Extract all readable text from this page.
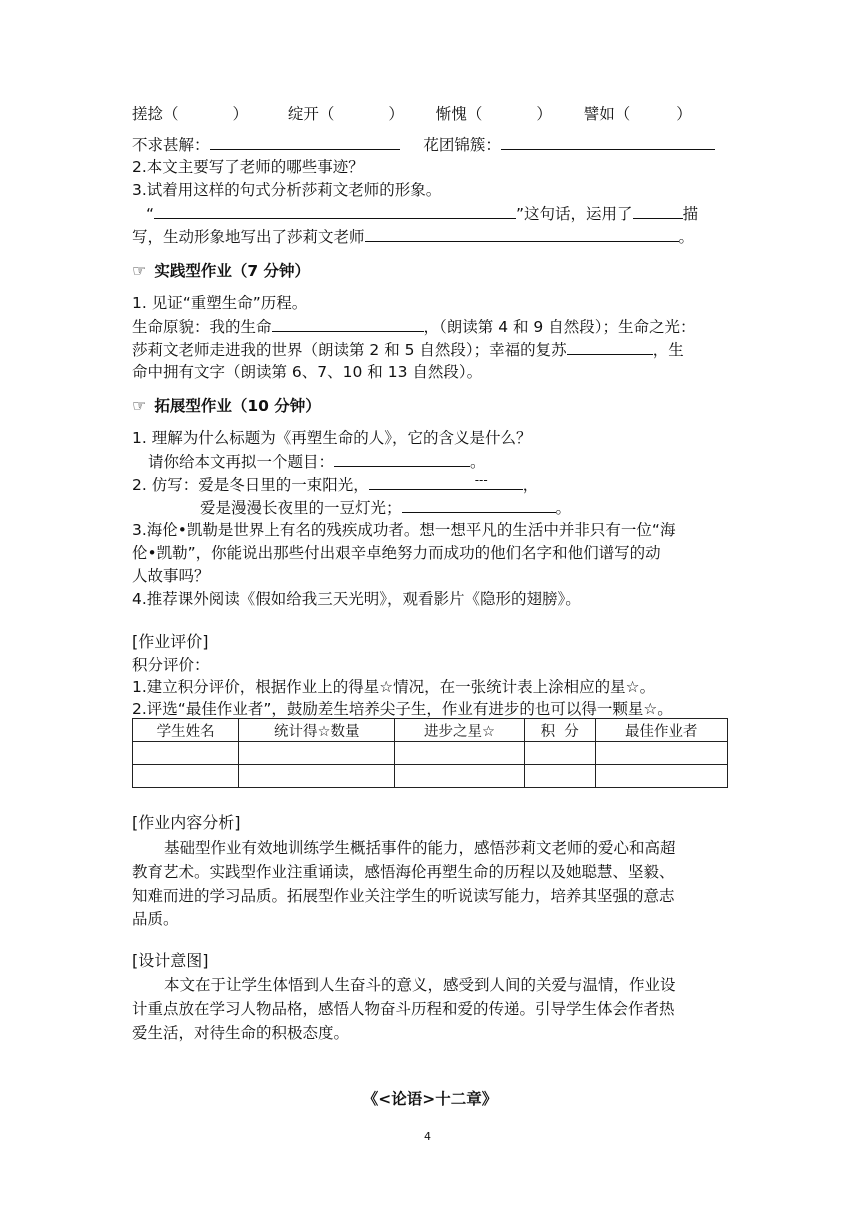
搓捻（	）	绽开（	） 惭愧（	） 譬如（	）
不求甚解：	花团锦簇：
2.本文主要写了老师的哪些事迹？
3.试着用这样的句式分析莎莉文老师的形象。
“	”这句话，运用了	描
写，生动形象地写出了莎莉文老师	。
☞ 实践型作业（7 分钟）
1. 见证“重塑生命”历程。
生命原貌：我的生命	，（朗读第 4 和 9 自然段）；生命之光：
莎莉文老师走进我的世界（朗读第 2 和 5 自然段）；幸福的复苏	，生
命中拥有文字（朗读第 6、7、10 和 13 自然段）。
☞ 拓展型作业（10 分钟）
1. 理解为什么标题为《再塑生命的人》，它的含义是什么？
请你给本文再拟一个题目：	。
2. 仿写：爱是冬日里的一束阳光，	--- ，
爱是漫漫长夜里的一豆灯光；	。
3.海伦•凯勒是世界上有名的残疾成功者。想一想平凡的生活中并非只有一位“海
伦•凯勒”，你能说出那些付出艰辛卓绝努力而成功的他们名字和他们谱写的动
人故事吗？
4.推荐课外阅读《假如给我三天光明》，观看影片《隐形的翅膀》。
[作业评价]
积分评价：
1.建立积分评价，根据作业上的得星☆情况，在一张统计表上涂相应的星☆。
2.评选“最佳作业者”，鼓励差生培养尖子生，作业有进步的也可以得一颗星☆。
学生姓名	统计得☆数量	进步之星☆	积  分	最佳作业者

[作业内容分析]
基础型作业有效地训练学生概括事件的能力，感悟莎莉文老师的爱心和高超
教育艺术。实践型作业注重诵读，感悟海伦再塑生命的历程以及她聪慧、坚毅、
知难而进的学习品质。拓展型作业关注学生的听说读写能力，培养其坚强的意志
品质。
[设计意图]
本文在于让学生体悟到人生奋斗的意义，感受到人间的关爱与温情，作业设
计重点放在学习人物品格，感悟人物奋斗历程和爱的传递。引导学生体会作者热
爱生活，对待生命的积极态度。
《<论语>十二章》
4
